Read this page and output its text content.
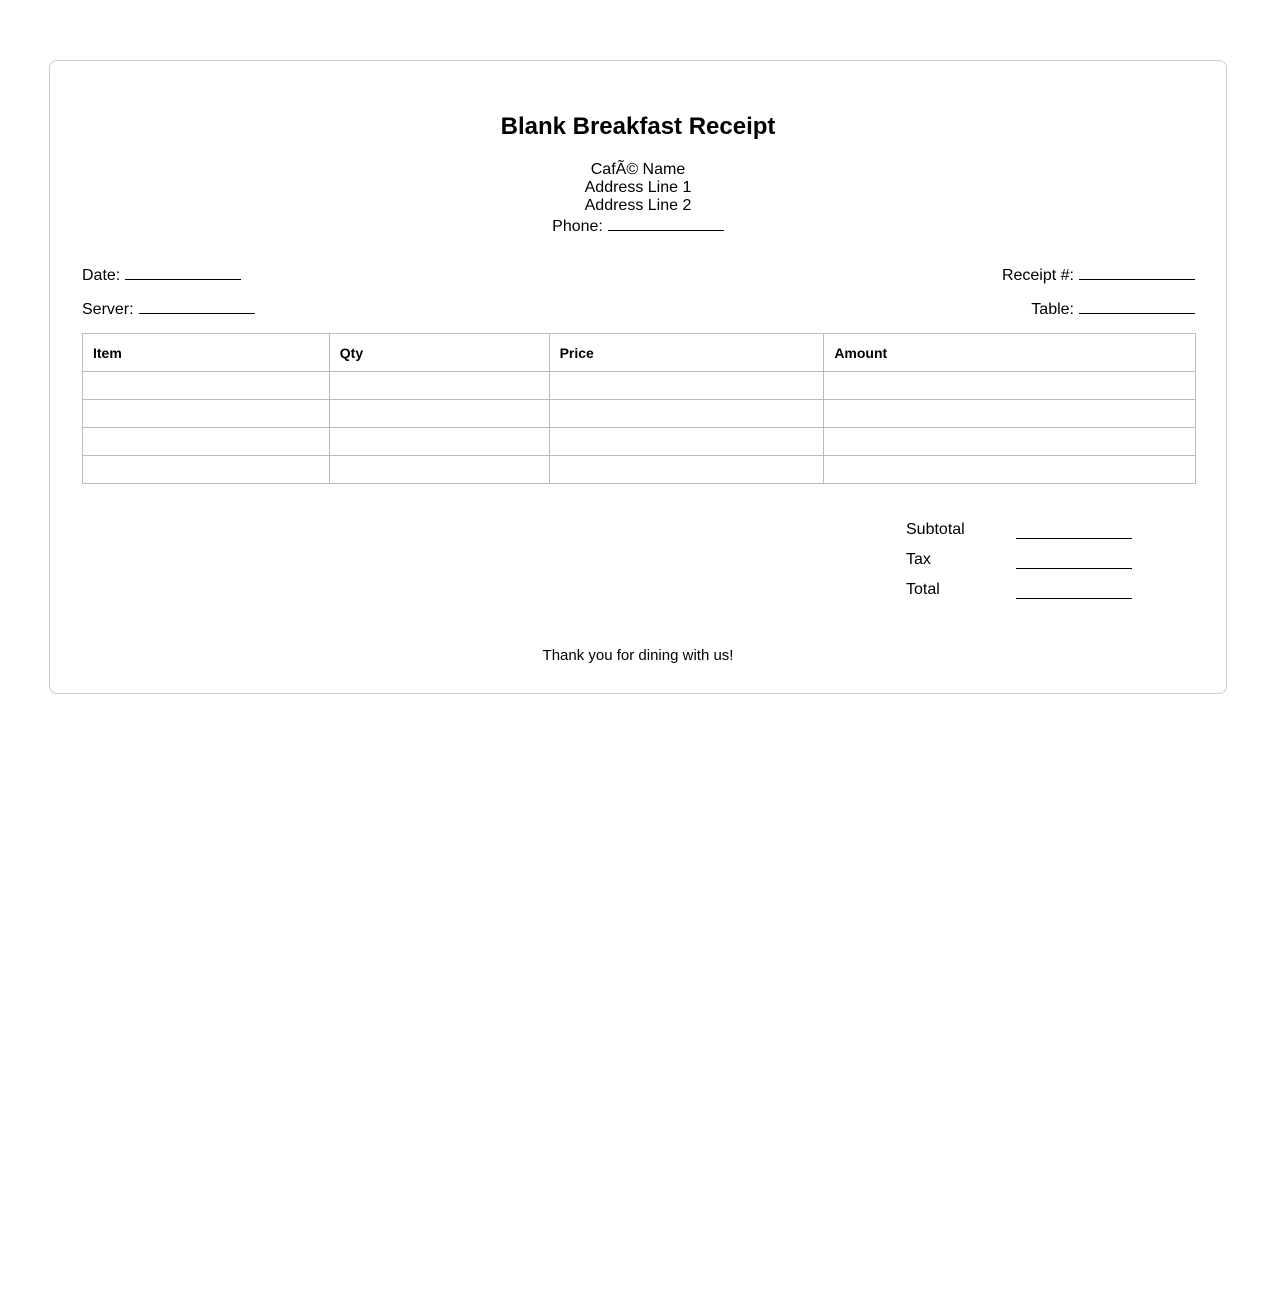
Blank Breakfast Receipt
CafÃ© Name
Address Line 1
Address Line 2
Phone:
Date:
Server:
Receipt #:
Table:
Item	Qty	Price	Amount

Subtotal
Tax
Total
Thank you for dining with us!
